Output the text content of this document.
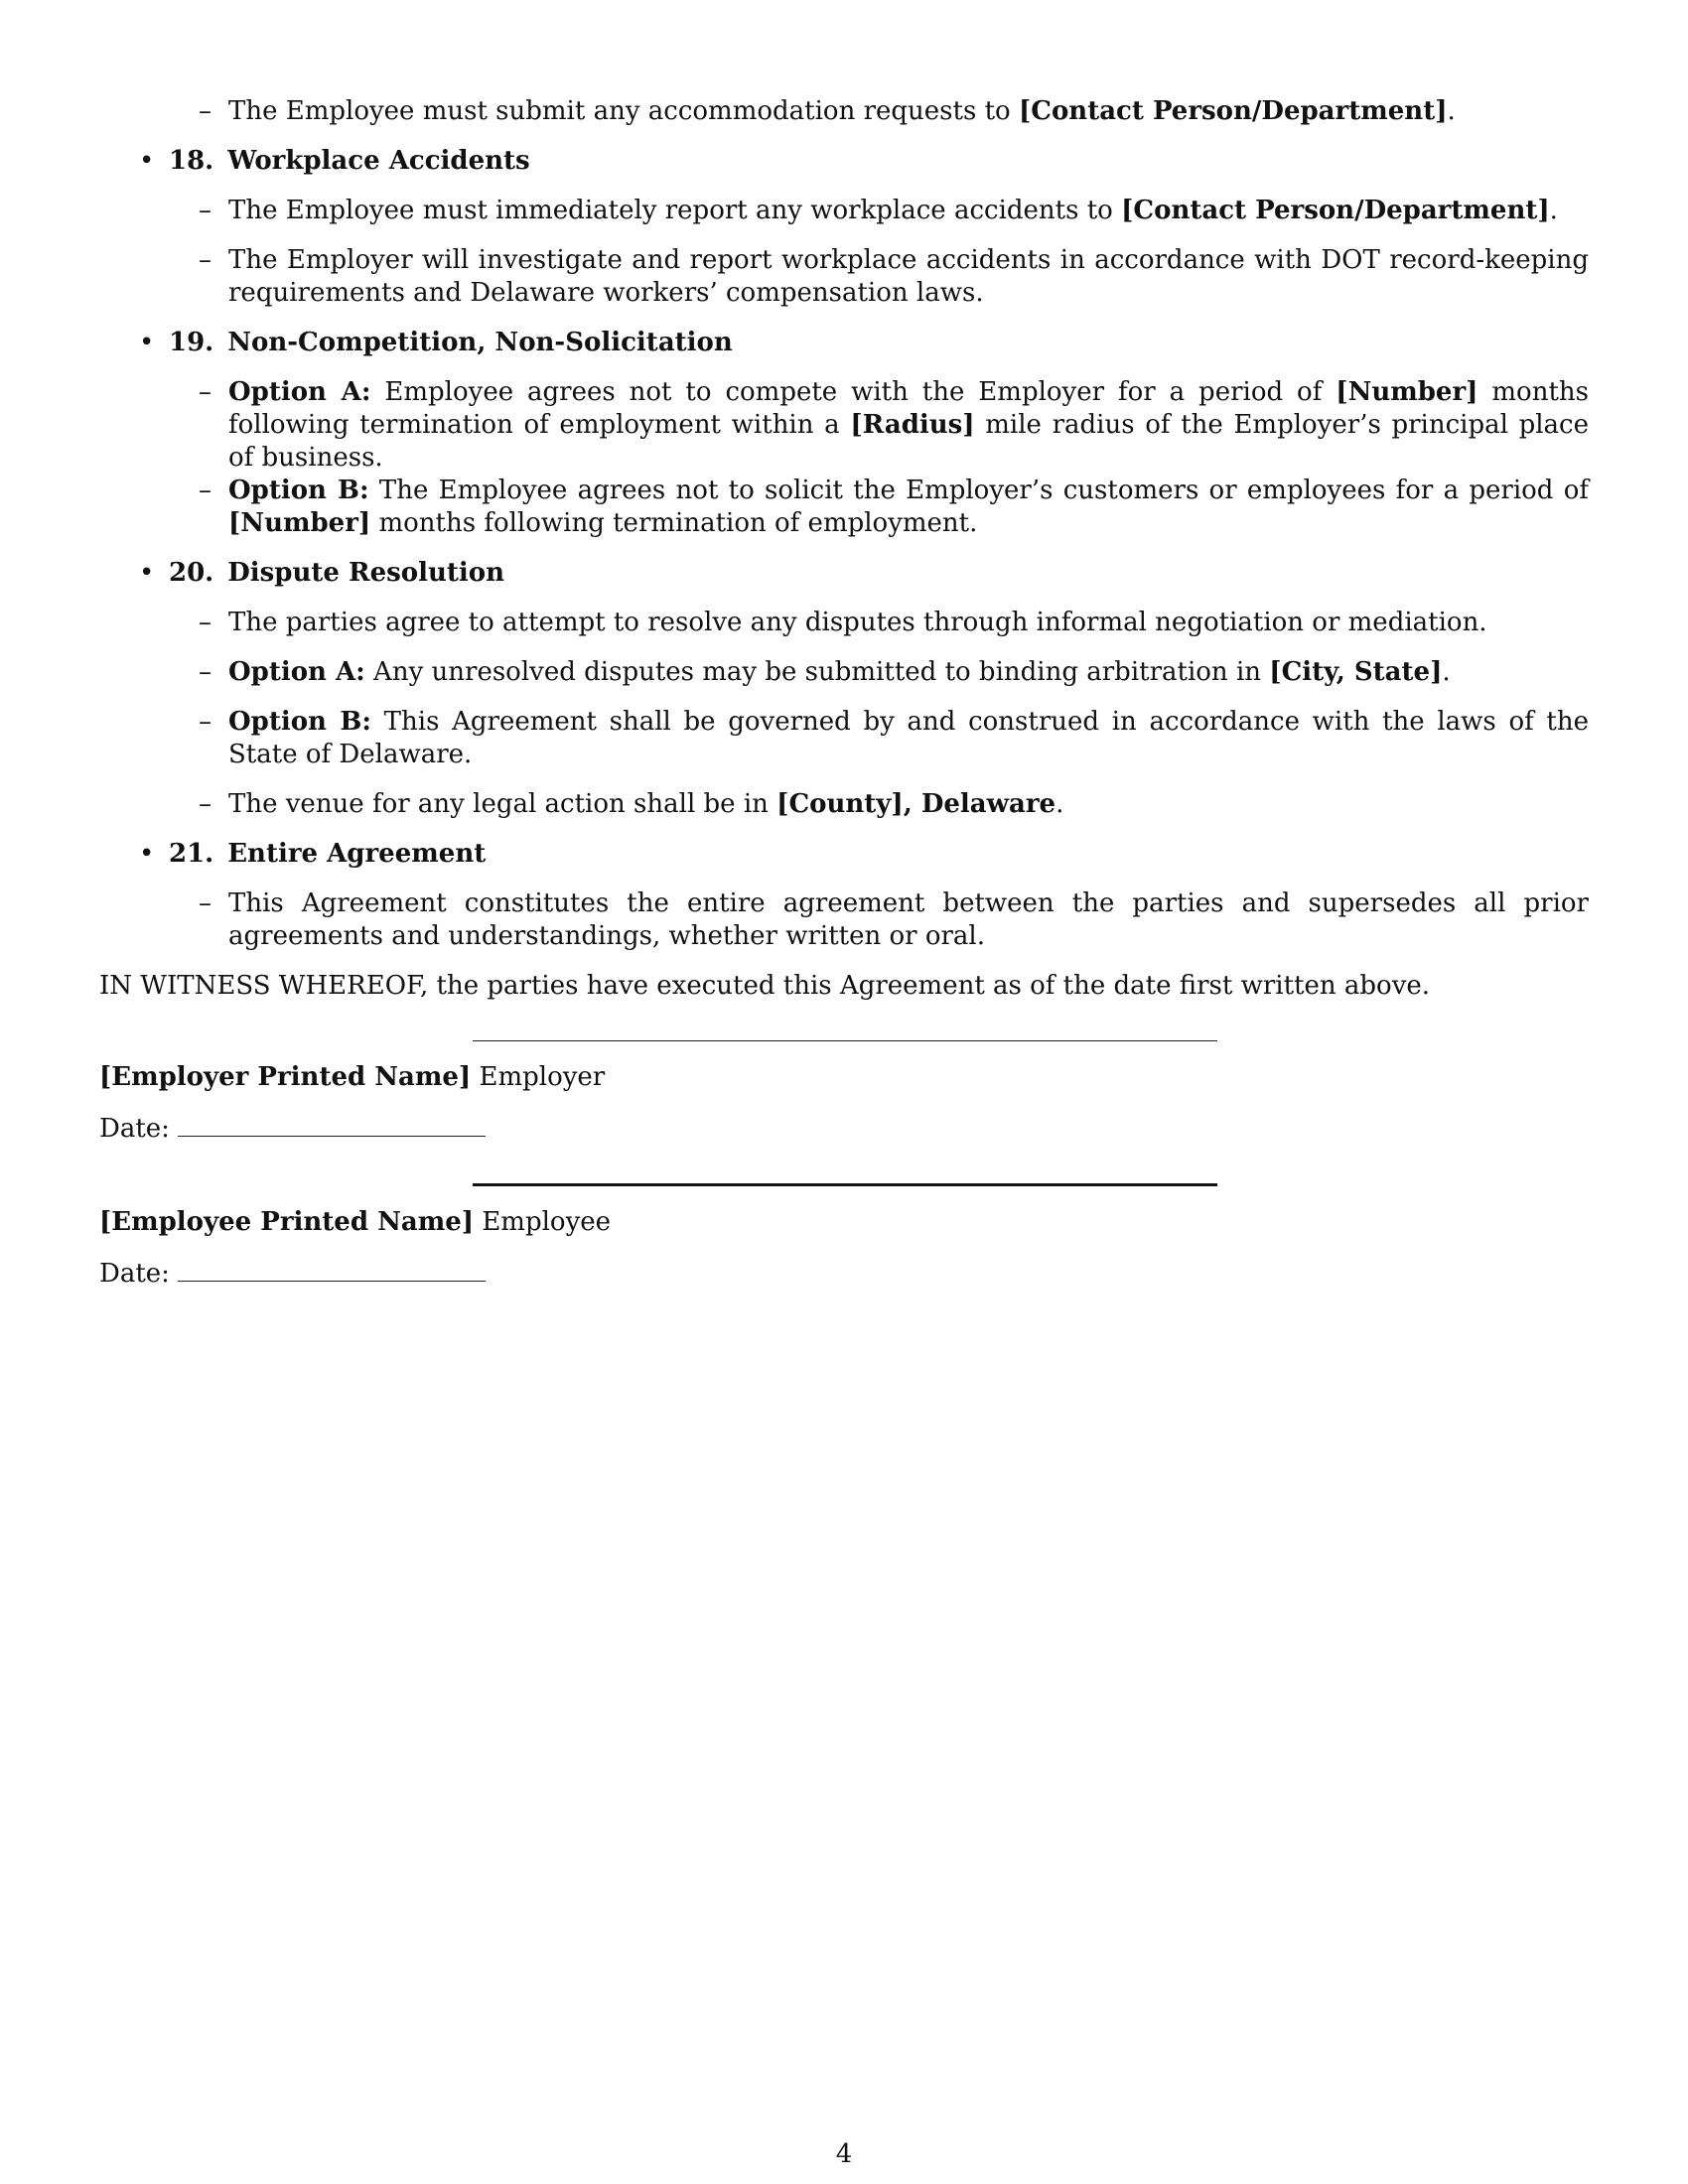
– The Employee must submit any accommodation requests to [Contact Person/Department].
• 18. Workplace Accidents
– The Employee must immediately report any workplace accidents to [Contact Person/Department].
– The Employer will investigate and report workplace accidents in accordance with DOT record-keeping requirements and Delaware workers’ compensation laws.
• 19. Non-Competition, Non-Solicitation
– Option A: Employee agrees not to compete with the Employer for a period of [Number] months following termination of employment within a [Radius] mile radius of the Employer’s principal place of business.
– Option B: The Employee agrees not to solicit the Employer’s customers or employees for a period of [Number] months following termination of employment.
• 20. Dispute Resolution
– The parties agree to attempt to resolve any disputes through informal negotiation or mediation.
– Option A: Any unresolved disputes may be submitted to binding arbitration in [City, State].
– Option B: This Agreement shall be governed by and construed in accordance with the laws of the State of Delaware.
– The venue for any legal action shall be in [County], Delaware.
• 21. Entire Agreement
– This Agreement constitutes the entire agreement between the parties and supersedes all prior agreements and understandings, whether written or oral.
IN WITNESS WHEREOF, the parties have executed this Agreement as of the date first written above.
[Employer Printed Name] Employer
Date:
[Employee Printed Name] Employee
Date:
4
